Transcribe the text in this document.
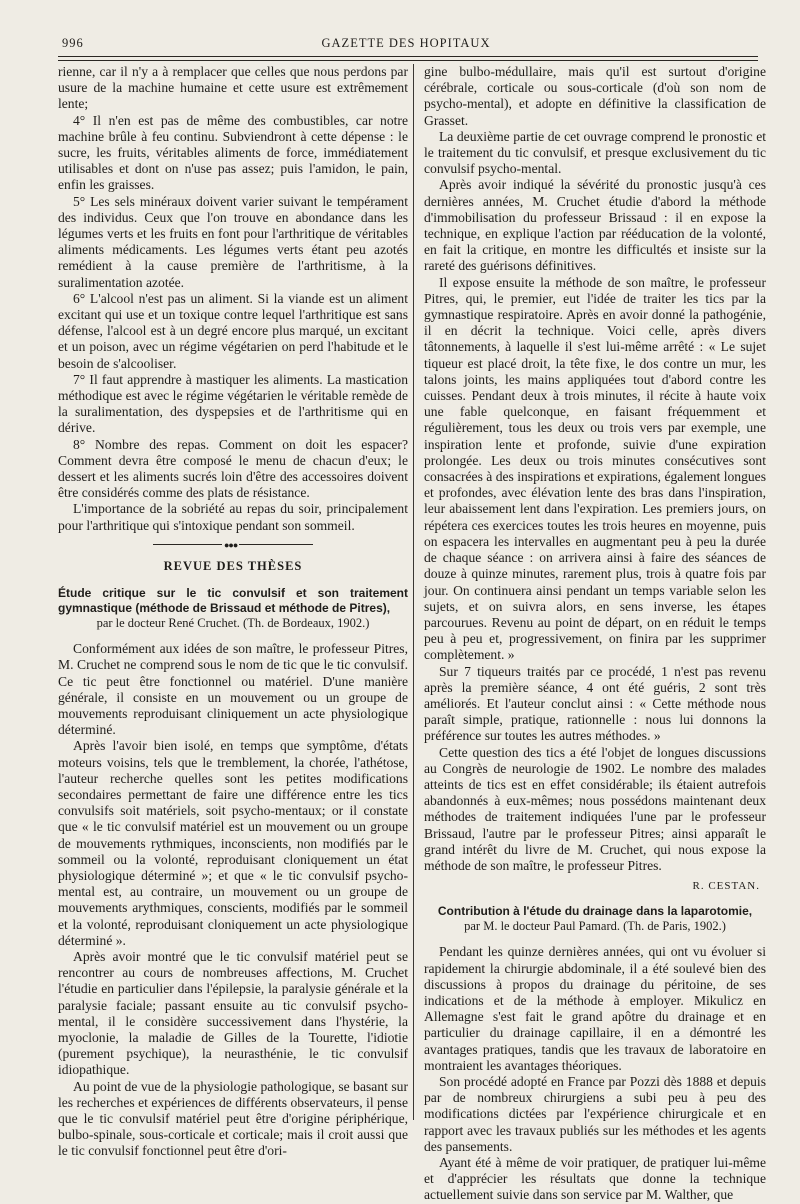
996	GAZETTE DES HOPITAUX

rienne, car il n'y a à remplacer que celles que nous perdons par usure de la machine humaine et cette usure est extrêmement lente;

4° Il n'en est pas de même des combustibles, car notre machine brûle à feu continu. Subviendront à cette dépense : le sucre, les fruits, véritables aliments de force, immédiatement utilisables et dont on n'use pas assez; puis l'amidon, le pain, enfin les graisses.

5° Les sels minéraux doivent varier suivant le tempérament des individus. Ceux que l'on trouve en abondance dans les légumes verts et les fruits en font pour l'arthritique de véritables aliments médicaments. Les légumes verts étant peu azotés remédient à la cause première de l'arthritisme, à la suralimentation azotée.

6° L'alcool n'est pas un aliment. Si la viande est un aliment excitant qui use et un toxique contre lequel l'arthritique est sans défense, l'alcool est à un degré encore plus marqué, un excitant et un poison, avec un régime végétarien on perd l'habitude et le besoin de s'alcooliser.

7° Il faut apprendre à mastiquer les aliments. La mastication méthodique est avec le régime végétarien le véritable remède de la suralimentation, des dyspepsies et de l'arthritisme qui en dérive.

8° Nombre des repas. Comment on doit les espacer? Comment devra être composé le menu de chacun d'eux; le dessert et les aliments sucrés loin d'être des accessoires doivent être considérés comme des plats de résistance.

L'importance de la sobriété au repas du soir, principalement pour l'arthritique qui s'intoxique pendant son sommeil.

●●●
REVUE DES THÈSES
Étude critique sur le tic convulsif et son traitement gymnastique (méthode de Brissaud et méthode de Pitres),
par le docteur René Cruchet. (Th. de Bordeaux, 1902.)

Conformément aux idées de son maître, le professeur Pitres, M. Cruchet ne comprend sous le nom de tic que le tic convulsif. Ce tic peut être fonctionnel ou matériel. D'une manière générale, il consiste en un mouvement ou un groupe de mouvements reproduisant cliniquement un acte physiologique déterminé.

Après l'avoir bien isolé, en temps que symptôme, d'états moteurs voisins, tels que le tremblement, la chorée, l'athétose, l'auteur recherche quelles sont les petites modifications secondaires permettant de faire une différence entre les tics convulsifs soit matériels, soit psycho-mentaux; or il constate que « le tic convulsif matériel est un mouvement ou un groupe de mouvements rythmiques, inconscients, non modifiés par le sommeil ou la volonté, reproduisant cloniquement un état physiologique déterminé »; et que « le tic convulsif psycho-mental est, au contraire, un mouvement ou un groupe de mouvements arythmiques, conscients, modifiés par le sommeil et la volonté, reproduisant cloniquement un acte physiologique déterminé ».

Après avoir montré que le tic convulsif matériel peut se rencontrer au cours de nombreuses affections, M. Cruchet l'étudie en particulier dans l'épilepsie, la paralysie générale et la paralysie faciale; passant ensuite au tic convulsif psycho-mental, il le considère successivement dans l'hystérie, la myoclonie, la maladie de Gilles de la Tourette, l'idiotie (purement psychique), la neurasthénie, le tic convulsif idiopathique.

Au point de vue de la physiologie pathologique, se basant sur les recherches et expériences de différents observateurs, il pense que le tic convulsif matériel peut être d'origine périphérique, bulbo-spinale, sous-corticale et corticale; mais il croit aussi que le tic convulsif fonctionnel peut être d'ori-

gine bulbo-médullaire, mais qu'il est surtout d'origine cérébrale, corticale ou sous-corticale (d'où son nom de psycho-mental), et adopte en définitive la classification de Grasset.

La deuxième partie de cet ouvrage comprend le pronostic et le traitement du tic convulsif, et presque exclusivement du tic convulsif psycho-mental.

Après avoir indiqué la sévérité du pronostic jusqu'à ces dernières années, M. Cruchet étudie d'abord la méthode d'immobilisation du professeur Brissaud : il en expose la technique, en explique l'action par rééducation de la volonté, en fait la critique, en montre les difficultés et insiste sur la rareté des guérisons définitives.

Il expose ensuite la méthode de son maître, le professeur Pitres, qui, le premier, eut l'idée de traiter les tics par la gymnastique respiratoire. Après en avoir donné la pathogénie, il en décrit la technique. Voici celle, après divers tâtonnements, à laquelle il s'est lui-même arrêté : « Le sujet tiqueur est placé droit, la tête fixe, le dos contre un mur, les talons joints, les mains appliquées tout d'abord contre les cuisses. Pendant deux à trois minutes, il récite à haute voix une fable quelconque, en faisant fréquemment et régulièrement, tous les deux ou trois vers par exemple, une inspiration lente et profonde, suivie d'une expiration prolongée. Les deux ou trois minutes consécutives sont consacrées à des inspirations et expirations, également longues et profondes, avec élévation lente des bras dans l'inspiration, leur abaissement lent dans l'expiration. Les premiers jours, on répétera ces exercices toutes les trois heures en moyenne, puis on espacera les intervalles en augmentant peu à peu la durée de chaque séance : on arrivera ainsi à faire des séances de douze à quinze minutes, rarement plus, trois à quatre fois par jour. On continuera ainsi pendant un temps variable selon les sujets, et on suivra alors, en sens inverse, les étapes parcourues. Revenu au point de départ, on en réduit le temps peu à peu et, progressivement, on finira par les supprimer complètement. »

Sur 7 tiqueurs traités par ce procédé, 1 n'est pas revenu après la première séance, 4 ont été guéris, 2 sont très améliorés. Et l'auteur conclut ainsi : « Cette méthode nous paraît simple, pratique, rationnelle : nous lui donnons la préférence sur toutes les autres méthodes. »

Cette question des tics a été l'objet de longues discussions au Congrès de neurologie de 1902. Le nombre des malades atteints de tics est en effet considérable; ils étaient autrefois abandonnés à eux-mêmes; nous possédons maintenant deux méthodes de traitement indiquées l'une par le professeur Brissaud, l'autre par le professeur Pitres; ainsi apparaît le grand intérêt du livre de M. Cruchet, qui nous expose la méthode de son maître, le professeur Pitres.

R. CESTAN.
Contribution à l'étude du drainage dans la laparotomie,
par M. le docteur Paul Pamard. (Th. de Paris, 1902.)

Pendant les quinze dernières années, qui ont vu évoluer si rapidement la chirurgie abdominale, il a été soulevé bien des discussions à propos du drainage du péritoine, de ses indications et de la méthode à employer. Mikulicz en Allemagne s'est fait le grand apôtre du drainage et en particulier du drainage capillaire, il en a démontré les avantages pratiques, tandis que les travaux de laboratoire en montraient les avantages théoriques.

Son procédé adopté en France par Pozzi dès 1888 et depuis par de nombreux chirurgiens a subi peu à peu des modifications dictées par l'expérience chirurgicale et en rapport avec les travaux publiés sur les méthodes et les agents des pansements.

Ayant été à même de voir pratiquer, de pratiquer lui-même et d'apprécier les résultats que donne la technique actuellement suivie dans son service par M. Walther, que
